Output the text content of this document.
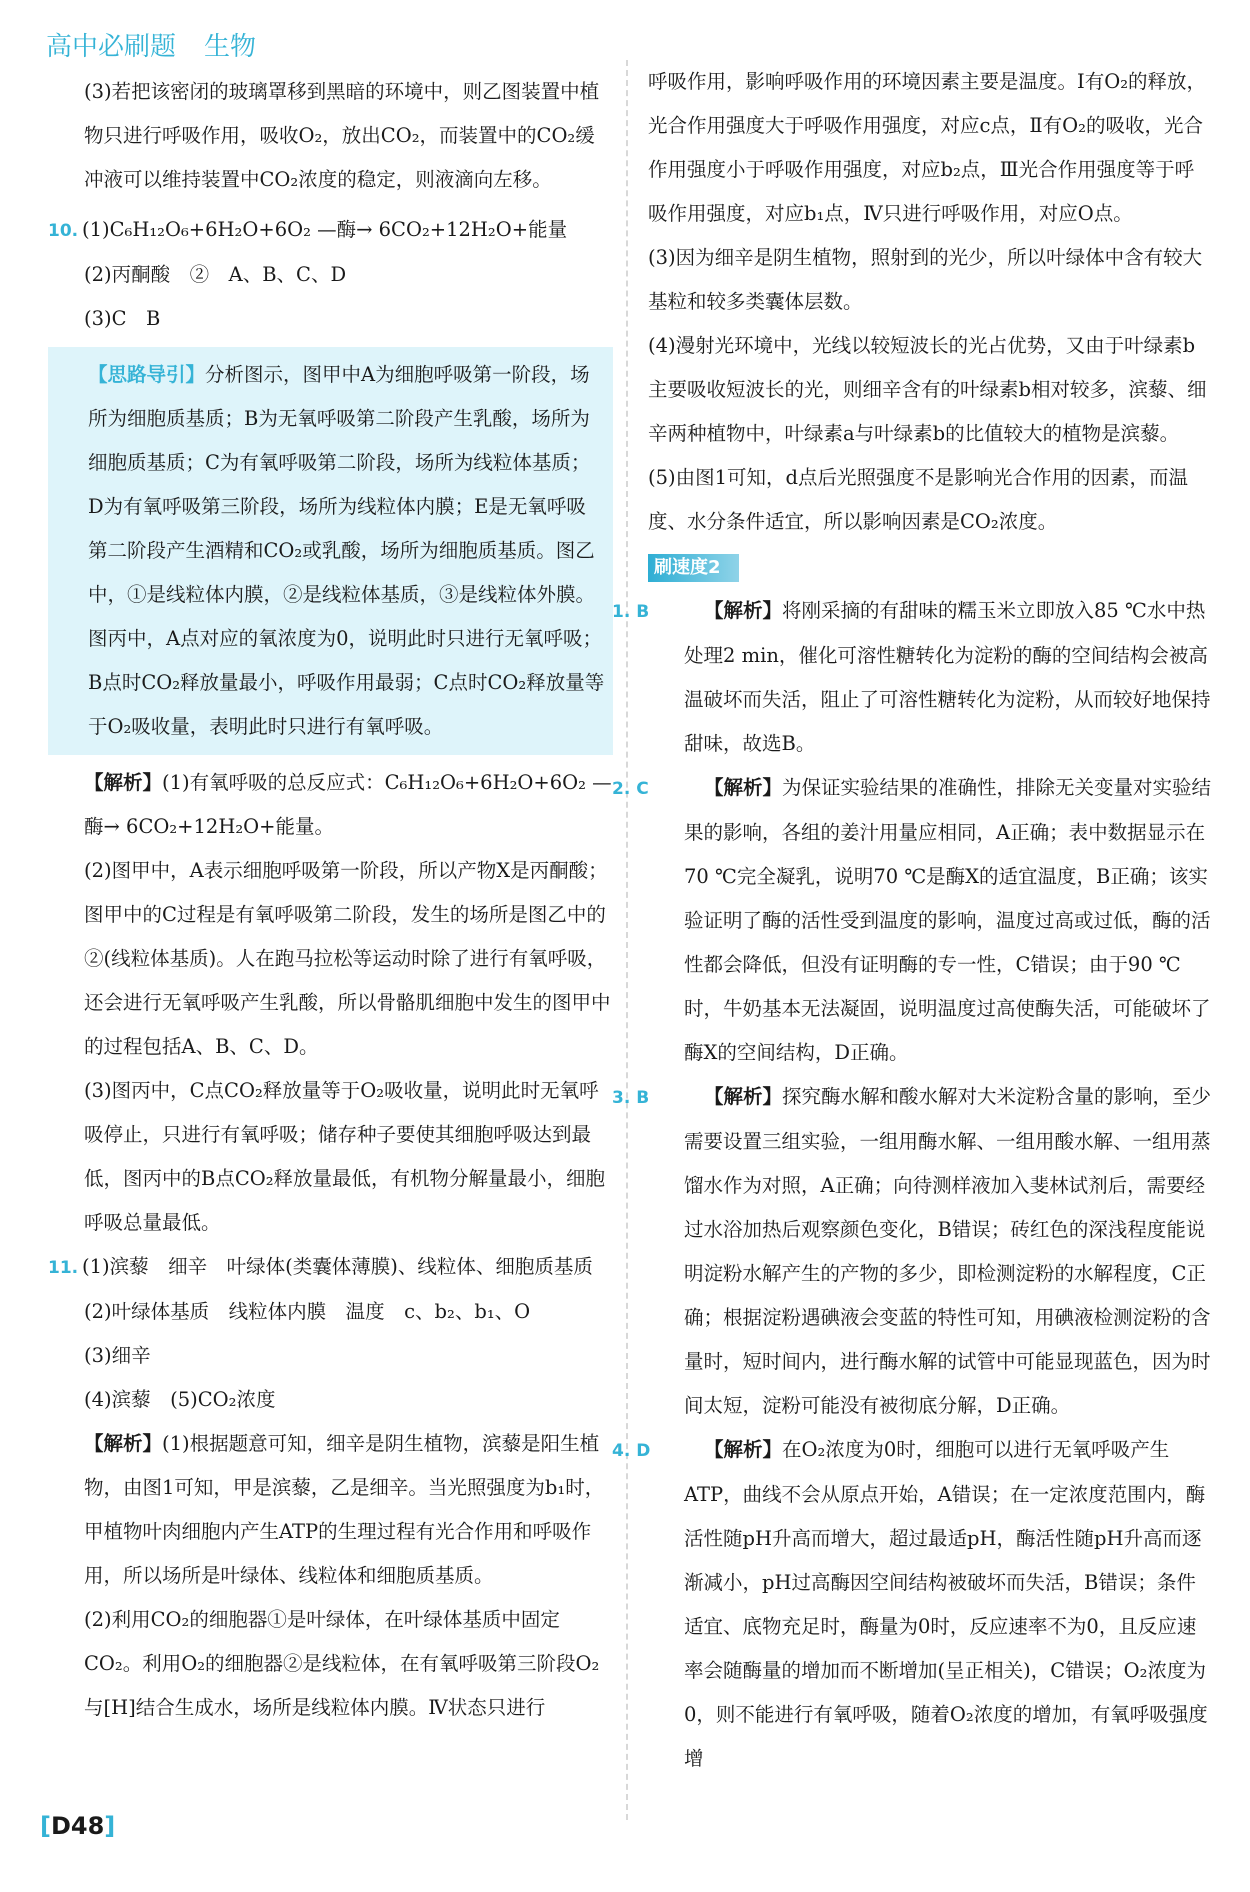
高中必刷题 生物

(3)若把该密闭的玻璃罩移到黑暗的环境中，则乙图装置中植物只进行呼吸作用，吸收O₂，放出CO₂，而装置中的CO₂缓冲液可以维持装置中CO₂浓度的稳定，则液滴向左移。

10. (1)C₆H₁₂O₆+6H₂O+6O₂ —酶→ 6CO₂+12H₂O+能量

(2)丙酮酸　②　A、B、C、D

(3)C　B

【思路导引】分析图示，图甲中A为细胞呼吸第一阶段，场所为细胞质基质；B为无氧呼吸第二阶段产生乳酸，场所为细胞质基质；C为有氧呼吸第二阶段，场所为线粒体基质；D为有氧呼吸第三阶段，场所为线粒体内膜；E是无氧呼吸第二阶段产生酒精和CO₂或乳酸，场所为细胞质基质。图乙中，①是线粒体内膜，②是线粒体基质，③是线粒体外膜。图丙中，A点对应的氧浓度为0，说明此时只进行无氧呼吸；B点时CO₂释放量最小，呼吸作用最弱；C点时CO₂释放量等于O₂吸收量，表明此时只进行有氧呼吸。

【解析】(1)有氧呼吸的总反应式：C₆H₁₂O₆+6H₂O+6O₂ —酶→ 6CO₂+12H₂O+能量。

(2)图甲中，A表示细胞呼吸第一阶段，所以产物X是丙酮酸；图甲中的C过程是有氧呼吸第二阶段，发生的场所是图乙中的②(线粒体基质)。人在跑马拉松等运动时除了进行有氧呼吸，还会进行无氧呼吸产生乳酸，所以骨骼肌细胞中发生的图甲中的过程包括A、B、C、D。

(3)图丙中，C点CO₂释放量等于O₂吸收量，说明此时无氧呼吸停止，只进行有氧呼吸；储存种子要使其细胞呼吸达到最低，图丙中的B点CO₂释放量最低，有机物分解量最小，细胞呼吸总量最低。

11. (1)滨藜　细辛　叶绿体(类囊体薄膜)、线粒体、细胞质基质

(2)叶绿体基质　线粒体内膜　温度　c、b₂、b₁、O

(3)细辛

(4)滨藜　(5)CO₂浓度

【解析】(1)根据题意可知，细辛是阴生植物，滨藜是阳生植物，由图1可知，甲是滨藜，乙是细辛。当光照强度为b₁时，甲植物叶肉细胞内产生ATP的生理过程有光合作用和呼吸作用，所以场所是叶绿体、线粒体和细胞质基质。

(2)利用CO₂的细胞器①是叶绿体，在叶绿体基质中固定CO₂。利用O₂的细胞器②是线粒体，在有氧呼吸第三阶段O₂与[H]结合生成水，场所是线粒体内膜。Ⅳ状态只进行

呼吸作用，影响呼吸作用的环境因素主要是温度。Ⅰ有O₂的释放，光合作用强度大于呼吸作用强度，对应c点，Ⅱ有O₂的吸收，光合作用强度小于呼吸作用强度，对应b₂点，Ⅲ光合作用强度等于呼吸作用强度，对应b₁点，Ⅳ只进行呼吸作用，对应O点。

(3)因为细辛是阴生植物，照射到的光少，所以叶绿体中含有较大基粒和较多类囊体层数。

(4)漫射光环境中，光线以较短波长的光占优势，又由于叶绿素b主要吸收短波长的光，则细辛含有的叶绿素b相对较多，滨藜、细辛两种植物中，叶绿素a与叶绿素b的比值较大的植物是滨藜。

(5)由图1可知，d点后光照强度不是影响光合作用的因素，而温度、水分条件适宜，所以影响因素是CO₂浓度。

刷速度2

1. B	【解析】将刚采摘的有甜味的糯玉米立即放入85 ℃水中热处理2 min，催化可溶性糖转化为淀粉的酶的空间结构会被高温破坏而失活，阻止了可溶性糖转化为淀粉，从而较好地保持甜味，故选B。

2. C	【解析】为保证实验结果的准确性，排除无关变量对实验结果的影响，各组的姜汁用量应相同，A正确；表中数据显示在70 ℃完全凝乳，说明70 ℃是酶X的适宜温度，B正确；该实验证明了酶的活性受到温度的影响，温度过高或过低，酶的活性都会降低，但没有证明酶的专一性，C错误；由于90 ℃时，牛奶基本无法凝固，说明温度过高使酶失活，可能破坏了酶X的空间结构，D正确。

3. B	【解析】探究酶水解和酸水解对大米淀粉含量的影响，至少需要设置三组实验，一组用酶水解、一组用酸水解、一组用蒸馏水作为对照，A正确；向待测样液加入斐林试剂后，需要经过水浴加热后观察颜色变化，B错误；砖红色的深浅程度能说明淀粉水解产生的产物的多少，即检测淀粉的水解程度，C正确；根据淀粉遇碘液会变蓝的特性可知，用碘液检测淀粉的含量时，短时间内，进行酶水解的试管中可能显现蓝色，因为时间太短，淀粉可能没有被彻底分解，D正确。

4. D	【解析】在O₂浓度为0时，细胞可以进行无氧呼吸产生ATP，曲线不会从原点开始，A错误；在一定浓度范围内，酶活性随pH升高而增大，超过最适pH，酶活性随pH升高而逐渐减小，pH过高酶因空间结构被破坏而失活，B错误；条件适宜、底物充足时，酶量为0时，反应速率不为0，且反应速率会随酶量的增加而不断增加(呈正相关)，C错误；O₂浓度为0，则不能进行有氧呼吸，随着O₂浓度的增加，有氧呼吸强度增

[D48]
